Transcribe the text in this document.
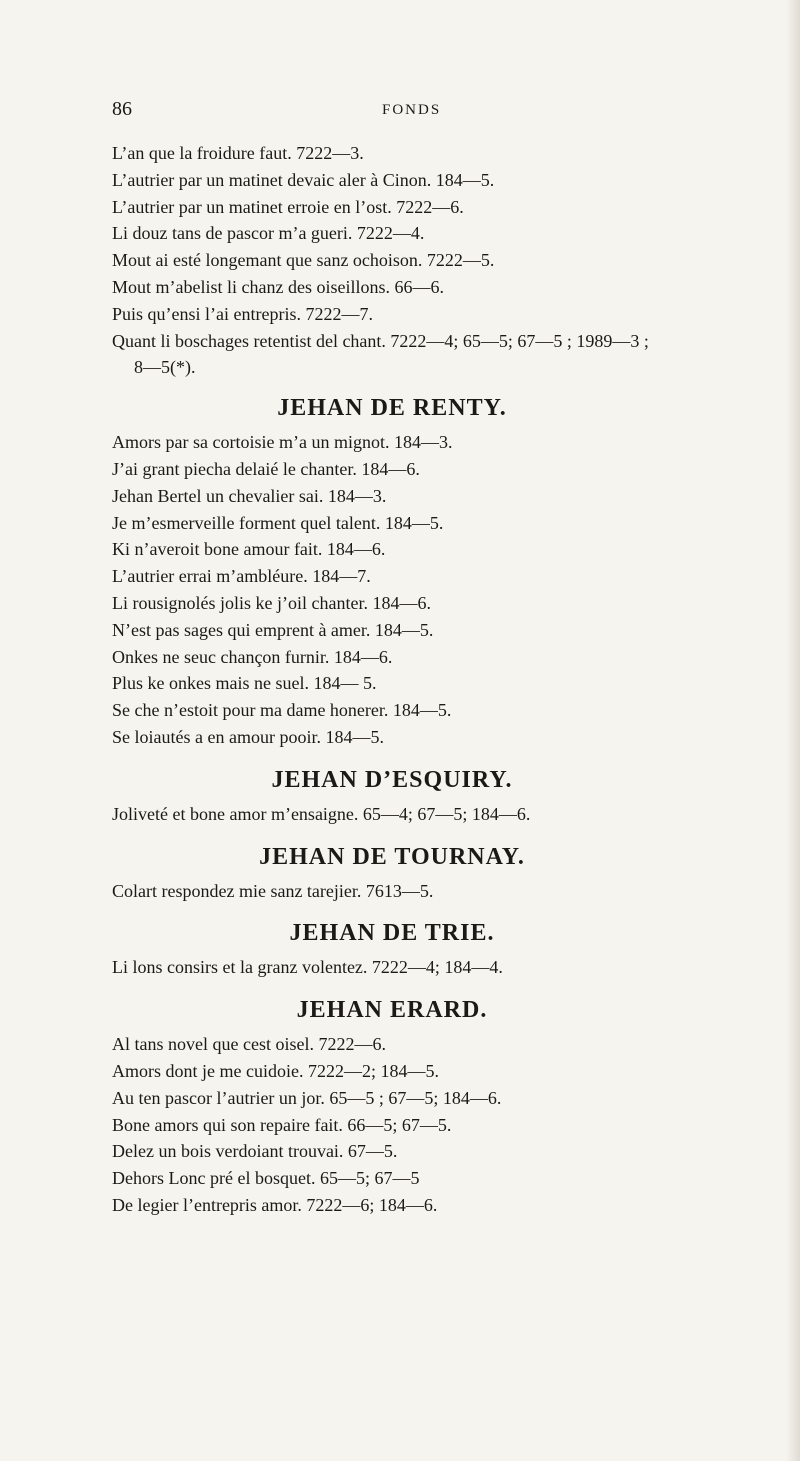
86	FONDS
L’an que la froidure faut. 7222—3.
L’autrier par un matinet devaic aler à Cinon. 184—5.
L’autrier par un matinet erroie en l’ost. 7222—6.
Li douz tans de pascor m’a gueri. 7222—4.
Mout ai esté longemant que sanz ochoison. 7222—5.
Mout m’abelist li chanz des oiseillons. 66—6.
Puis qu’ensi l’ai entrepris. 7222—7.
Quant li boschages retentist del chant. 7222—4; 65—5; 67—5 ; 1989—3 ;
8—5(*).
JEHAN DE RENTY.
Amors par sa cortoisie m’a un mignot. 184—3.
J’ai grant piecha delaié le chanter. 184—6.
Jehan Bertel un chevalier sai. 184—3.
Je m’esmerveille forment quel talent. 184—5.
Ki n’averoit bone amour fait. 184—6.
L’autrier errai m’ambléure. 184—7.
Li rousignolés jolis ke j’oil chanter. 184—6.
N’est pas sages qui emprent à amer. 184—5.
Onkes ne seuc chançon furnir. 184—6.
Plus ke onkes mais ne suel. 184— 5.
Se che n’estoit pour ma dame honerer. 184—5.
Se loiautés a en amour pooir. 184—5.
JEHAN D’ESQUIRY.
Joliveté et bone amor m’ensaigne. 65—4; 67—5; 184—6.
JEHAN DE TOURNAY.
Colart respondez mie sanz tarejier. 7613—5.
JEHAN DE TRIE.
Li lons consirs et la granz volentez. 7222—4; 184—4.
JEHAN ERARD.
Al tans novel que cest oisel. 7222—6.
Amors dont je me cuidoie. 7222—2; 184—5.
Au ten pascor l’autrier un jor. 65—5 ; 67—5; 184—6.
Bone amors qui son repaire fait. 66—5; 67—5.
Delez un bois verdoiant trouvai. 67—5.
Dehors Lonc pré el bosquet. 65—5; 67—5
De legier l’entrepris amor. 7222—6; 184—6.
